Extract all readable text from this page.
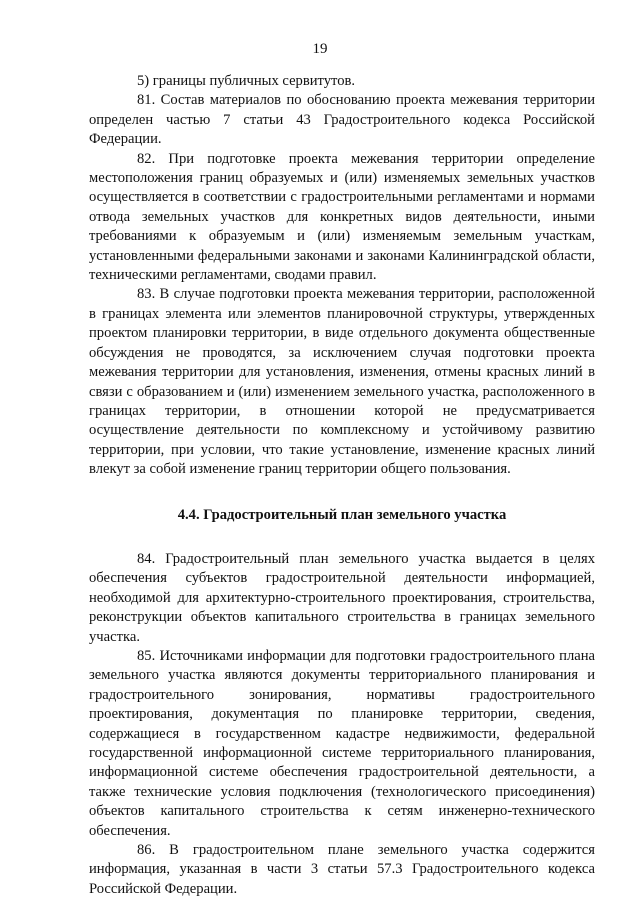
19

5) границы публичных сервитутов.

81. Состав материалов по обоснованию проекта межевания территории определен частью 7 статьи 43 Градостроительного кодекса Российской Федерации.

82. При подготовке проекта межевания территории определение местоположения границ образуемых и (или) изменяемых земельных участков осуществляется в соответствии с градостроительными регламентами и нормами отвода земельных участков для конкретных видов деятельности, иными требованиями к образуемым и (или) изменяемым земельным участкам, установленными федеральными законами и законами Калининградской области, техническими регламентами, сводами правил.

83. В случае подготовки проекта межевания территории, расположенной в границах элемента или элементов планировочной структуры, утвержденных проектом планировки территории, в виде отдельного документа общественные обсуждения не проводятся, за исключением случая подготовки проекта межевания территории для установления, изменения, отмены красных линий в связи с образованием и (или) изменением земельного участка, расположенного в границах территории, в отношении которой не предусматривается осуществление деятельности по комплексному и устойчивому развитию территории, при условии, что такие установление, изменение красных линий влекут за собой изменение границ территории общего пользования.

4.4. Градостроительный план земельного участка

84. Градостроительный план земельного участка выдается в целях обеспечения субъектов градостроительной деятельности информацией, необходимой для архитектурно-строительного проектирования, строительства, реконструкции объектов капитального строительства в границах земельного участка.

85. Источниками информации для подготовки градостроительного плана земельного участка являются документы территориального планирования и градостроительного зонирования, нормативы градостроительного проектирования, документация по планировке территории, сведения, содержащиеся в государственном кадастре недвижимости, федеральной государственной информационной системе территориального планирования, информационной системе обеспечения градостроительной деятельности, а также технические условия подключения (технологического присоединения) объектов капитального строительства к сетям инженерно-технического обеспечения.

86. В градостроительном плане земельного участка содержится информация, указанная в части 3 статьи 57.3 Градостроительного кодекса Российской Федерации.
